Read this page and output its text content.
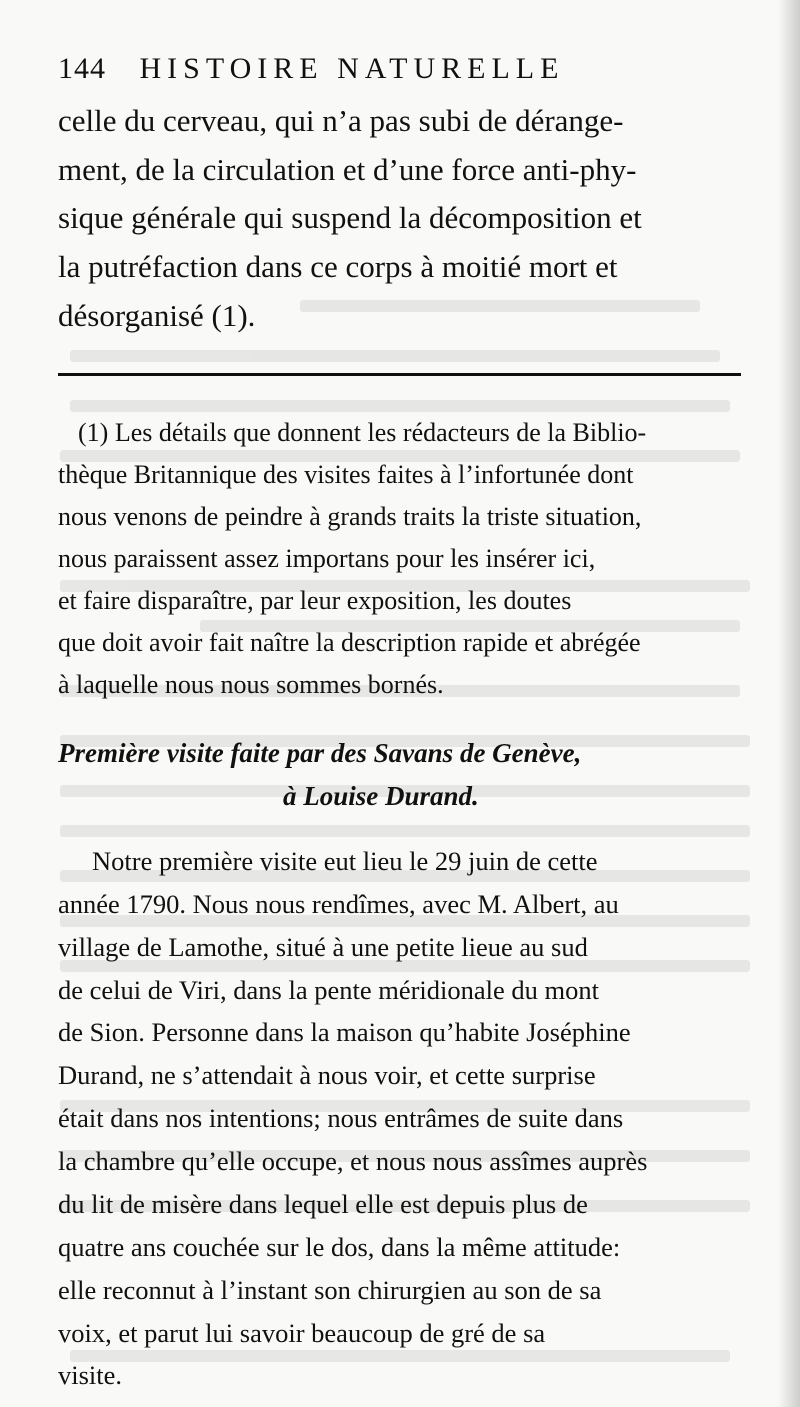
144 HISTOIRE NATURELLE
celle du cerveau, qui n’a pas subi de dérange-
ment, de la circulation et d’une force anti-phy-
sique générale qui suspend la décomposition et
la putréfaction dans ce corps à moitié mort et
désorganisé (1).
(1) Les détails que donnent les rédacteurs de la Biblio-
thèque Britannique des visites faites à l’infortunée dont
nous venons de peindre à grands traits la triste situation,
nous paraissent assez importans pour les insérer ici,
et faire disparaître, par leur exposition, les doutes
que doit avoir fait naître la description rapide et abrégée
à laquelle nous nous sommes bornés.
Première visite faite par des Savans de Genève,
à Louise Durand.
Notre première visite eut lieu le 29 juin de cette
année 1790. Nous nous rendîmes, avec M. Albert, au
village de Lamothe, situé à une petite lieue au sud
de celui de Viri, dans la pente méridionale du mont
de Sion. Personne dans la maison qu’habite Joséphine
Durand, ne s’attendait à nous voir, et cette surprise
était dans nos intentions; nous entrâmes de suite dans
la chambre qu’elle occupe, et nous nous assîmes auprès
du lit de misère dans lequel elle est depuis plus de
quatre ans couchée sur le dos, dans la même attitude:
elle reconnut à l’instant son chirurgien au son de sa
voix, et parut lui savoir beaucoup de gré de sa
visite.
